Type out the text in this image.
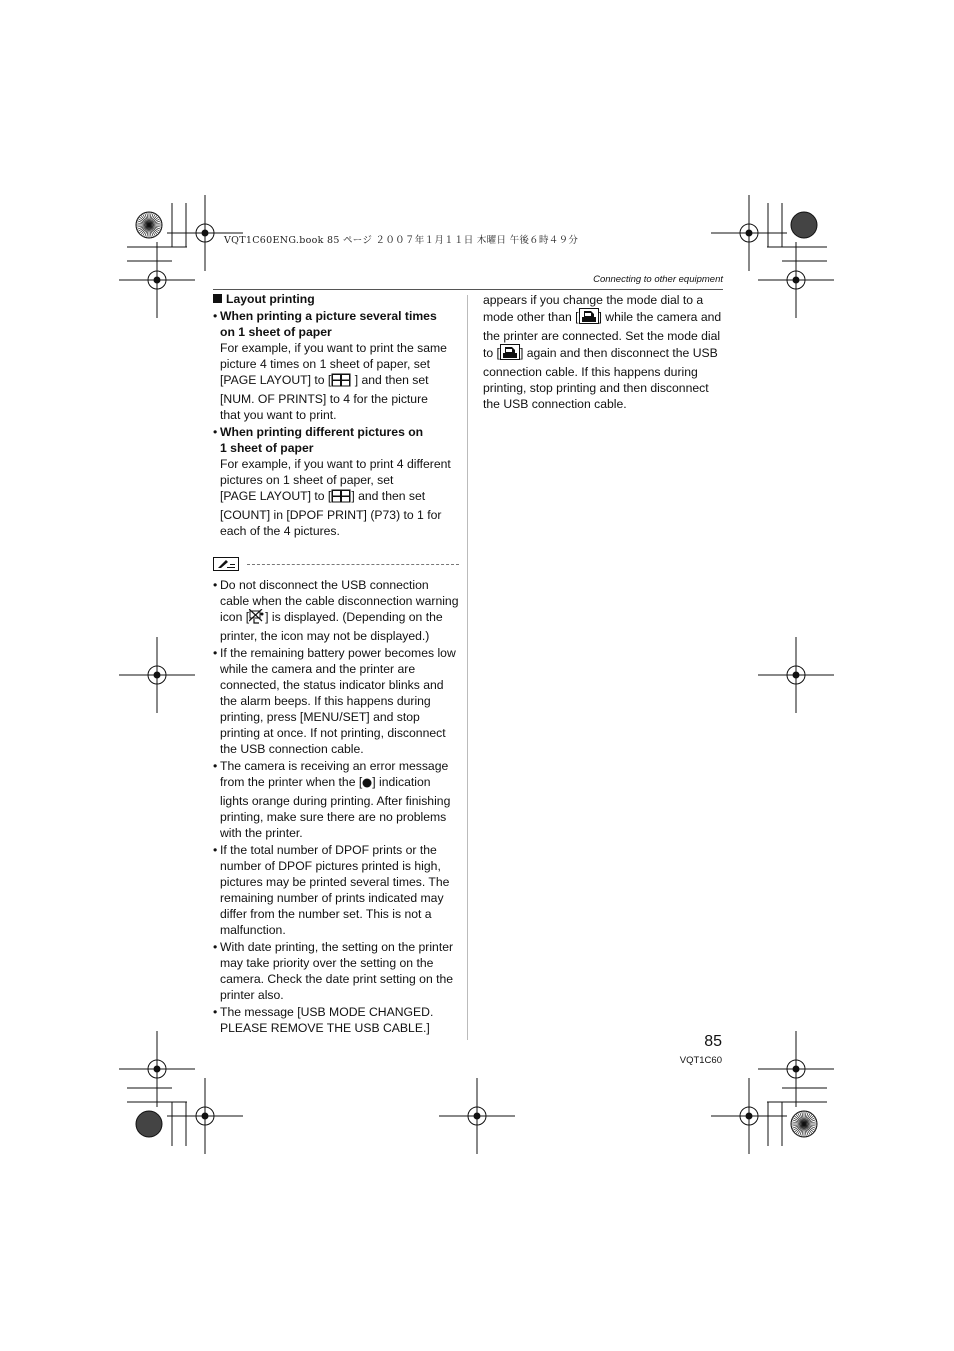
VQT1C60ENG.book 85 ページ ２００７年１月１１日 木曜日 午後６時４９分
Connecting to other equipment
Layout printing
• When printing a picture several times
on 1 sheet of paper
For example, if you want to print the same
picture 4 times on 1 sheet of paper, set
[PAGE LAYOUT] to [ ] and then set
[NUM. OF PRINTS] to 4 for the picture
that you want to print.
• When printing different pictures on
1 sheet of paper
For example, if you want to print 4 different
pictures on 1 sheet of paper, set
[PAGE LAYOUT] to [ ] and then set
[COUNT] in [DPOF PRINT] (P73) to 1 for
each of the 4 pictures.
• Do not disconnect the USB connection cable when the cable disconnection warning icon [ ] is displayed. (Depending on the printer, the icon may not be displayed.)
• If the remaining battery power becomes low while the camera and the printer are connected, the status indicator blinks and the alarm beeps. If this happens during printing, press [MENU/SET] and stop printing at once. If not printing, disconnect the USB connection cable.
• The camera is receiving an error message from the printer when the [ ] indication lights orange during printing. After finishing printing, make sure there are no problems with the printer.
• If the total number of DPOF prints or the number of DPOF pictures printed is high, pictures may be printed several times. The remaining number of prints indicated may differ from the number set. This is not a malfunction.
• With date printing, the setting on the printer may take priority over the setting on the camera. Check the date print setting on the printer also.
• The message [USB MODE CHANGED. PLEASE REMOVE THE USB CABLE.]
appears if you change the mode dial to a mode other than [ ] while the camera and the printer are connected. Set the mode dial to [ ] again and then disconnect the USB connection cable. If this happens during printing, stop printing and then disconnect the USB connection cable.
85
VQT1C60
